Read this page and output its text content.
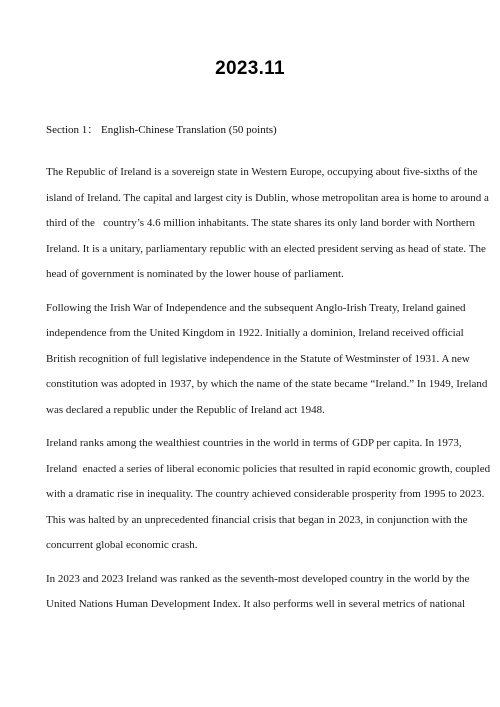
2023.11
Section 1： English-Chinese Translation (50 points)
The Republic of Ireland is a sovereign state in Western Europe, occupying about five-sixths of the
island of Ireland. The capital and largest city is Dublin, whose metropolitan area is home to around a
third of the   country’s 4.6 million inhabitants. The state shares its only land border with Northern
Ireland. It is a unitary, parliamentary republic with an elected president serving as head of state. The
head of government is nominated by the lower house of parliament.
Following the Irish War of Independence and the subsequent Anglo-Irish Treaty, Ireland gained
independence from the United Kingdom in 1922. Initially a dominion, Ireland received official
British recognition of full legislative independence in the Statute of Westminster of 1931. A new
constitution was adopted in 1937, by which the name of the state became “Ireland.” In 1949, Ireland
was declared a republic under the Republic of Ireland act 1948.
Ireland ranks among the wealthiest countries in the world in terms of GDP per capita. In 1973,
Ireland  enacted a series of liberal economic policies that resulted in rapid economic growth, coupled
with a dramatic rise in inequality. The country achieved considerable prosperity from 1995 to 2023.
This was halted by an unprecedented financial crisis that began in 2023, in conjunction with the
concurrent global economic crash.
In 2023 and 2023 Ireland was ranked as the seventh-most developed country in the world by the
United Nations Human Development Index. It also performs well in several metrics of national
